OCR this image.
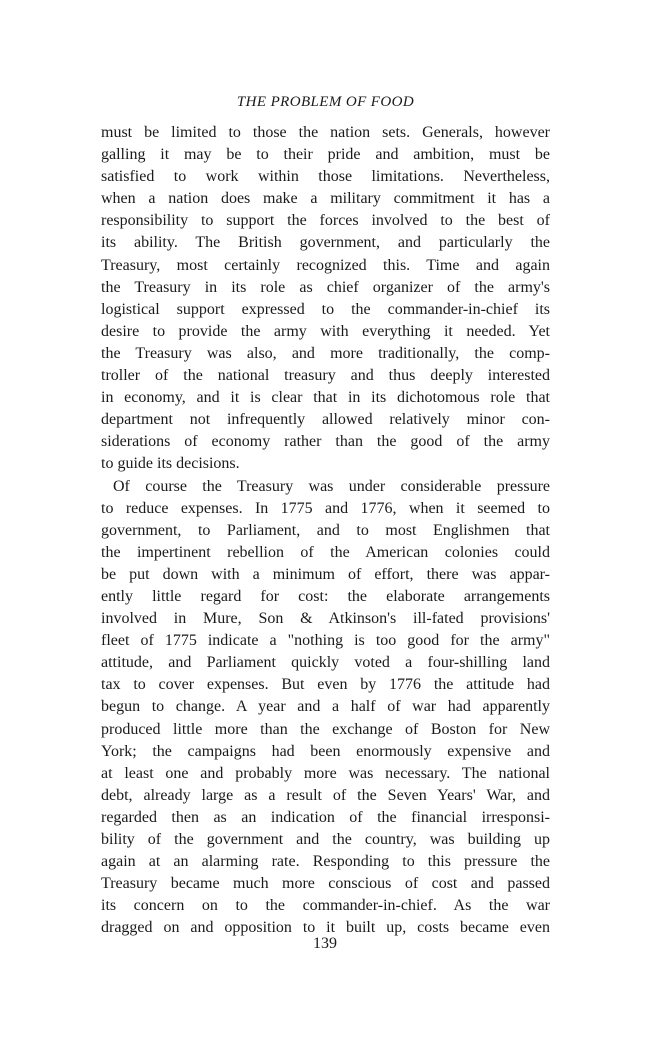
THE PROBLEM OF FOOD
must be limited to those the nation sets. Generals, however
galling it may be to their pride and ambition, must be
satisfied to work within those limitations. Nevertheless,
when a nation does make a military commitment it has a
responsibility to support the forces involved to the best of
its ability. The British government, and particularly the
Treasury, most certainly recognized this. Time and again
the Treasury in its role as chief organizer of the army's
logistical support expressed to the commander-in-chief its
desire to provide the army with everything it needed. Yet
the Treasury was also, and more traditionally, the comp-
troller of the national treasury and thus deeply interested
in economy, and it is clear that in its dichotomous role that
department not infrequently allowed relatively minor con-
siderations of economy rather than the good of the army
to guide its decisions.
Of course the Treasury was under considerable pressure
to reduce expenses. In 1775 and 1776, when it seemed to
government, to Parliament, and to most Englishmen that
the impertinent rebellion of the American colonies could
be put down with a minimum of effort, there was appar-
ently little regard for cost: the elaborate arrangements
involved in Mure, Son & Atkinson's ill-fated provisions'
fleet of 1775 indicate a "nothing is too good for the army"
attitude, and Parliament quickly voted a four-shilling land
tax to cover expenses. But even by 1776 the attitude had
begun to change. A year and a half of war had apparently
produced little more than the exchange of Boston for New
York; the campaigns had been enormously expensive and
at least one and probably more was necessary. The national
debt, already large as a result of the Seven Years' War, and
regarded then as an indication of the financial irresponsi-
bility of the government and the country, was building up
again at an alarming rate. Responding to this pressure the
Treasury became much more conscious of cost and passed
its concern on to the commander-in-chief. As the war
dragged on and opposition to it built up, costs became even
139
